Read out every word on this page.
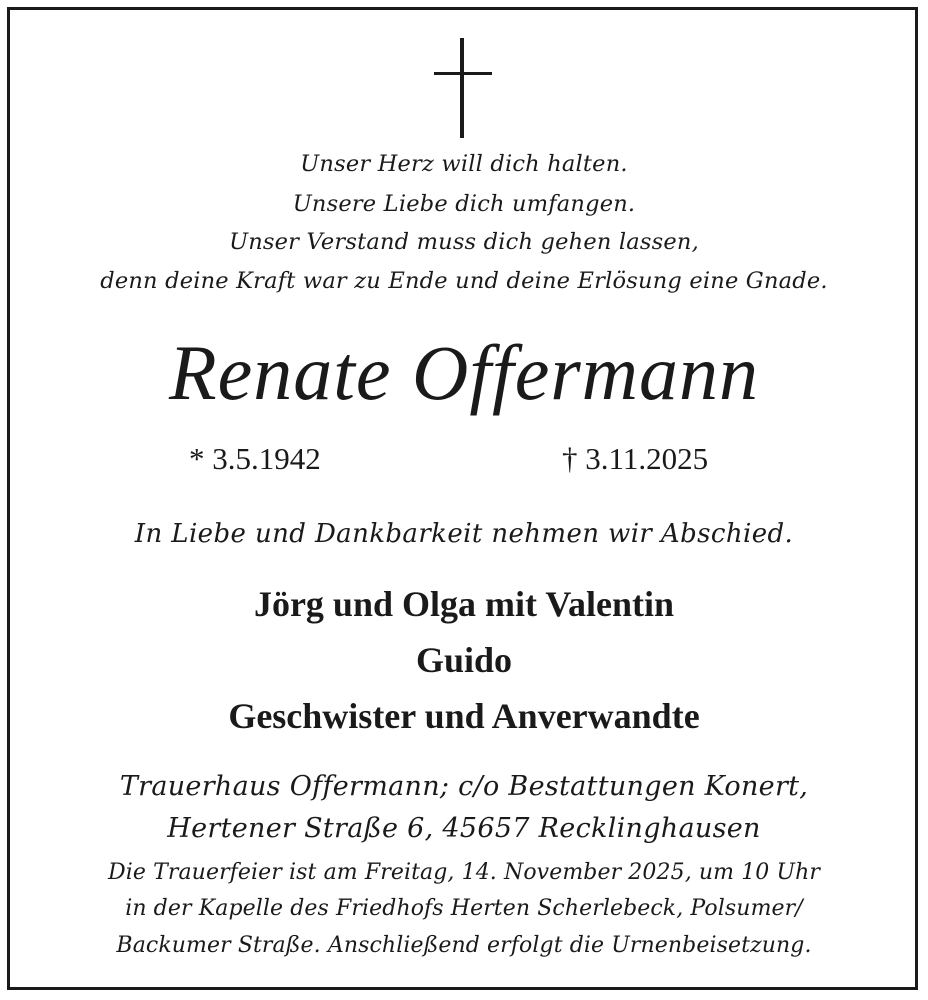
Unser Herz will dich halten.
Unsere Liebe dich umfangen.
Unser Verstand muss dich gehen lassen,
denn deine Kraft war zu Ende und deine Erlösung eine Gnade.
Renate Offermann
* 3.5.1942	† 3.11.2025
In Liebe und Dankbarkeit nehmen wir Abschied.
Jörg und Olga mit Valentin
Guido
Geschwister und Anverwandte
Trauerhaus Offermann; c/o Bestattungen Konert,
Hertener Straße 6, 45657 Recklinghausen
Die Trauerfeier ist am Freitag, 14. November 2025, um 10 Uhr
in der Kapelle des Friedhofs Herten Scherlebeck, Polsumer/
Backumer Straße. Anschließend erfolgt die Urnenbeisetzung.
